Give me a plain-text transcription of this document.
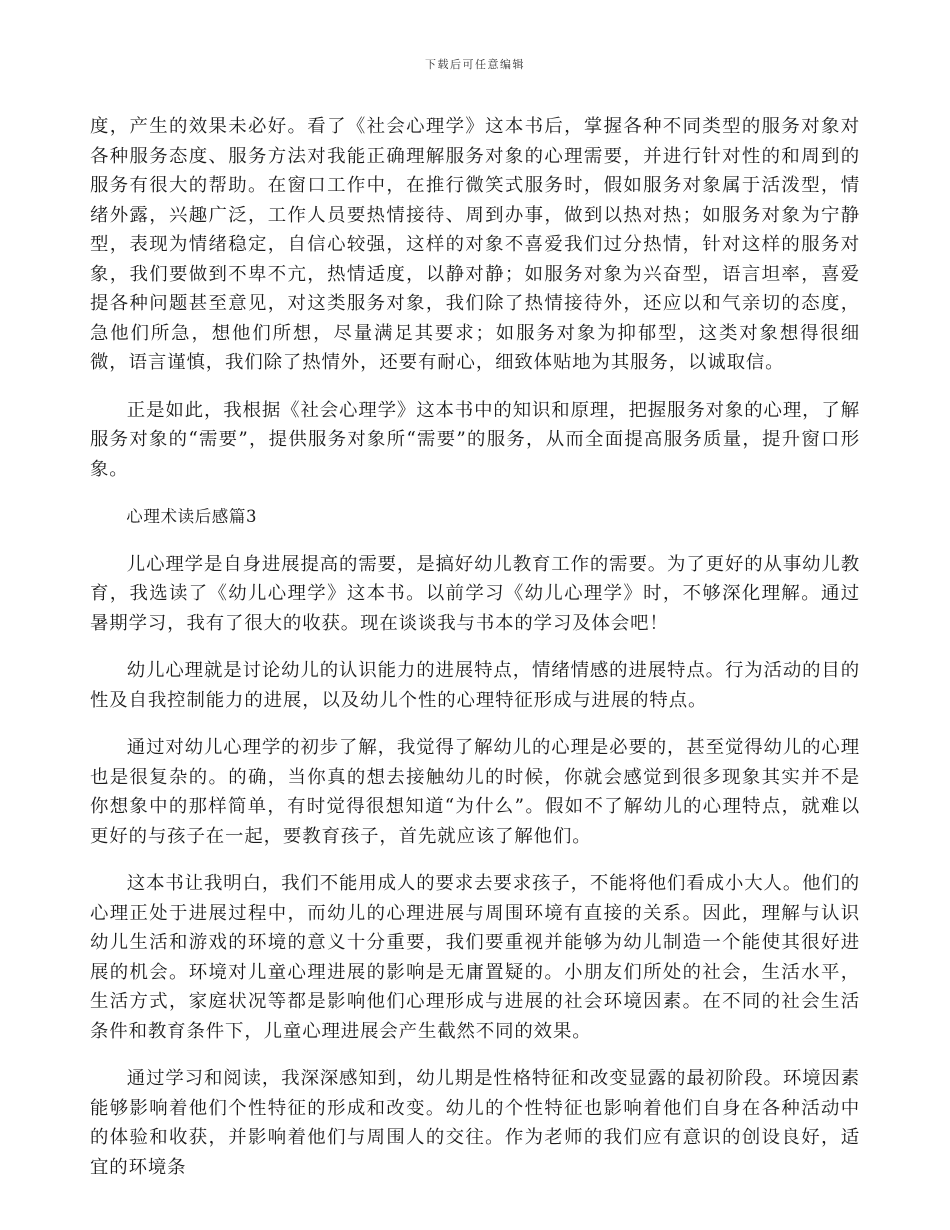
下载后可任意编辑

度，产生的效果未必好。看了《社会心理学》这本书后，掌握各种不同类型的服务对象对各种服务态度、服务方法对我能正确理解服务对象的心理需要，并进行针对性的和周到的服务有很大的帮助。在窗口工作中，在推行微笑式服务时，假如服务对象属于活泼型，情绪外露，兴趣广泛，工作人员要热情接待、周到办事，做到以热对热；如服务对象为宁静型，表现为情绪稳定，自信心较强，这样的对象不喜爱我们过分热情，针对这样的服务对象，我们要做到不卑不亢，热情适度，以静对静；如服务对象为兴奋型，语言坦率，喜爱提各种问题甚至意见，对这类服务对象，我们除了热情接待外，还应以和气亲切的态度，急他们所急，想他们所想，尽量满足其要求；如服务对象为抑郁型，这类对象想得很细微，语言谨慎，我们除了热情外，还要有耐心，细致体贴地为其服务，以诚取信。

正是如此，我根据《社会心理学》这本书中的知识和原理，把握服务对象的心理，了解服务对象的“需要”，提供服务对象所“需要”的服务，从而全面提高服务质量，提升窗口形象。

心理术读后感篇3

儿心理学是自身进展提高的需要，是搞好幼儿教育工作的需要。为了更好的从事幼儿教育，我选读了《幼儿心理学》这本书。以前学习《幼儿心理学》时，不够深化理解。通过暑期学习，我有了很大的收获。现在谈谈我与书本的学习及体会吧！

幼儿心理就是讨论幼儿的认识能力的进展特点，情绪情感的进展特点。行为活动的目的性及自我控制能力的进展，以及幼儿个性的心理特征形成与进展的特点。

通过对幼儿心理学的初步了解，我觉得了解幼儿的心理是必要的，甚至觉得幼儿的心理也是很复杂的。的确，当你真的想去接触幼儿的时候，你就会感觉到很多现象其实并不是你想象中的那样简单，有时觉得很想知道“为什么”。假如不了解幼儿的心理特点，就难以更好的与孩子在一起，要教育孩子，首先就应该了解他们。

这本书让我明白，我们不能用成人的要求去要求孩子，不能将他们看成小大人。他们的心理正处于进展过程中，而幼儿的心理进展与周围环境有直接的关系。因此，理解与认识幼儿生活和游戏的环境的意义十分重要，我们要重视并能够为幼儿制造一个能使其很好进展的机会。环境对儿童心理进展的影响是无庸置疑的。小朋友们所处的社会，生活水平，生活方式，家庭状况等都是影响他们心理形成与进展的社会环境因素。在不同的社会生活条件和教育条件下，儿童心理进展会产生截然不同的效果。

通过学习和阅读，我深深感知到，幼儿期是性格特征和改变显露的最初阶段。环境因素能够影响着他们个性特征的形成和改变。幼儿的个性特征也影响着他们自身在各种活动中的体验和收获，并影响着他们与周围人的交往。作为老师的我们应有意识的创设良好，适宜的环境条
